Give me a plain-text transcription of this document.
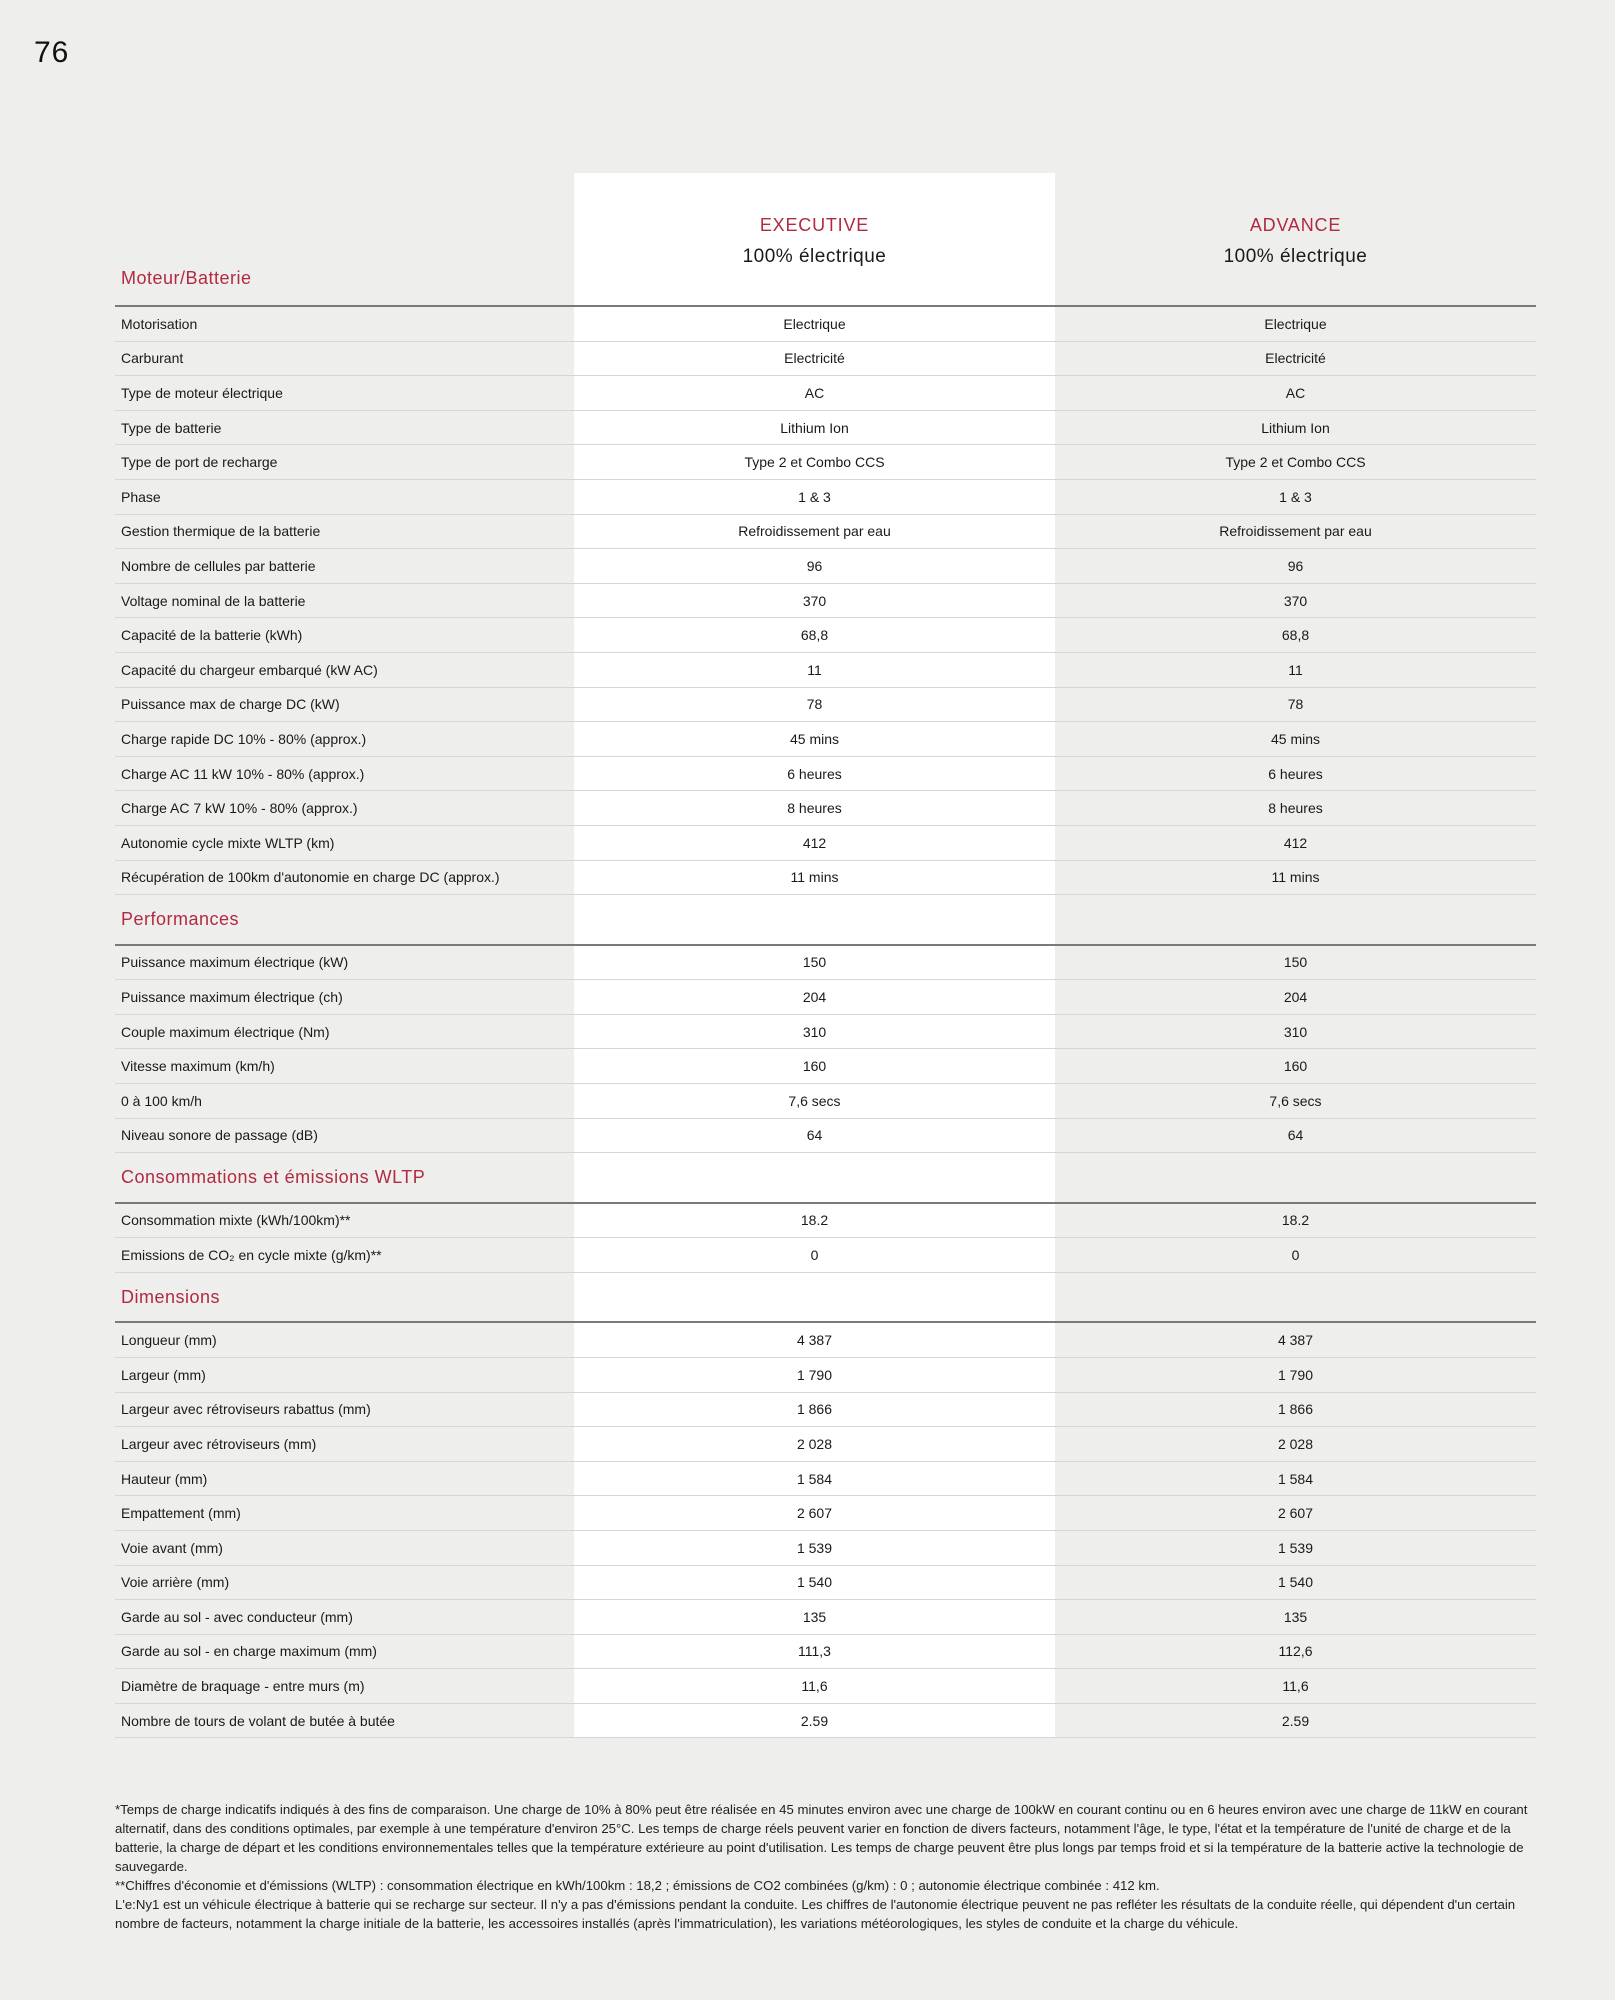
76
Moteur/Batterie
EXECUTIVE
100% électrique
ADVANCE
100% électrique
Motorisation	Electrique	Electrique
Carburant	Electricité	Electricité
Type de moteur électrique	AC	AC
Type de batterie	Lithium Ion	Lithium Ion
Type de port de recharge	Type 2 et Combo CCS	Type 2 et Combo CCS
Phase	1 & 3	1 & 3
Gestion thermique de la batterie	Refroidissement par eau	Refroidissement par eau
Nombre de cellules par batterie	96	96
Voltage nominal de la batterie	370	370
Capacité de la batterie (kWh)	68,8	68,8
Capacité du chargeur embarqué (kW AC)	11	11
Puissance max de charge DC (kW)	78	78
Charge rapide DC 10% - 80% (approx.)	45 mins	45 mins
Charge AC 11 kW 10% - 80% (approx.)	6 heures	6 heures
Charge AC 7 kW 10% - 80% (approx.)	8 heures	8 heures
Autonomie cycle mixte WLTP (km)	412	412
Récupération de 100km d'autonomie en charge DC (approx.)	11 mins	11 mins
Performances
Puissance maximum électrique (kW)	150	150
Puissance maximum électrique (ch)	204	204
Couple maximum électrique (Nm)	310	310
Vitesse maximum (km/h)	160	160
0 à 100 km/h	7,6 secs	7,6 secs
Niveau sonore de passage (dB)	64	64
Consommations et émissions WLTP
Consommation mixte (kWh/100km)**	18.2	18.2
Emissions de CO₂ en cycle mixte (g/km)**	0	0
Dimensions
Longueur (mm)	4 387	4 387
Largeur (mm)	1 790	1 790
Largeur avec rétroviseurs rabattus (mm)	1 866	1 866
Largeur avec rétroviseurs (mm)	2 028	2 028
Hauteur (mm)	1 584	1 584
Empattement (mm)	2 607	2 607
Voie avant (mm)	1 539	1 539
Voie arrière (mm)	1 540	1 540
Garde au sol - avec conducteur (mm)	135	135
Garde au sol - en charge maximum (mm)	111,3	112,6
Diamètre de braquage - entre murs (m)	11,6	11,6
Nombre de tours de volant de butée à butée	2.59	2.59

*Temps de charge indicatifs indiqués à des fins de comparaison. Une charge de 10% à 80% peut être réalisée en 45 minutes environ avec une charge de 100kW en courant continu ou en 6 heures environ avec une charge de 11kW en courant alternatif, dans des conditions optimales, par exemple à une température d'environ 25°C. Les temps de charge réels peuvent varier en fonction de divers facteurs, notamment l'âge, le type, l'état et la température de l'unité de charge et de la batterie, la charge de départ et les conditions environnementales telles que la température extérieure au point d'utilisation. Les temps de charge peuvent être plus longs par temps froid et si la température de la batterie active la technologie de sauvegarde.

**Chiffres d'économie et d'émissions (WLTP) : consommation électrique en kWh/100km : 18,2 ; émissions de CO2 combinées (g/km) : 0 ; autonomie électrique combinée : 412 km.

L'e:Ny1 est un véhicule électrique à batterie qui se recharge sur secteur. Il n'y a pas d'émissions pendant la conduite. Les chiffres de l'autonomie électrique peuvent ne pas refléter les résultats de la conduite réelle, qui dépendent d'un certain nombre de facteurs, notamment la charge initiale de la batterie, les accessoires installés (après l'immatriculation), les variations météorologiques, les styles de conduite et la charge du véhicule.
